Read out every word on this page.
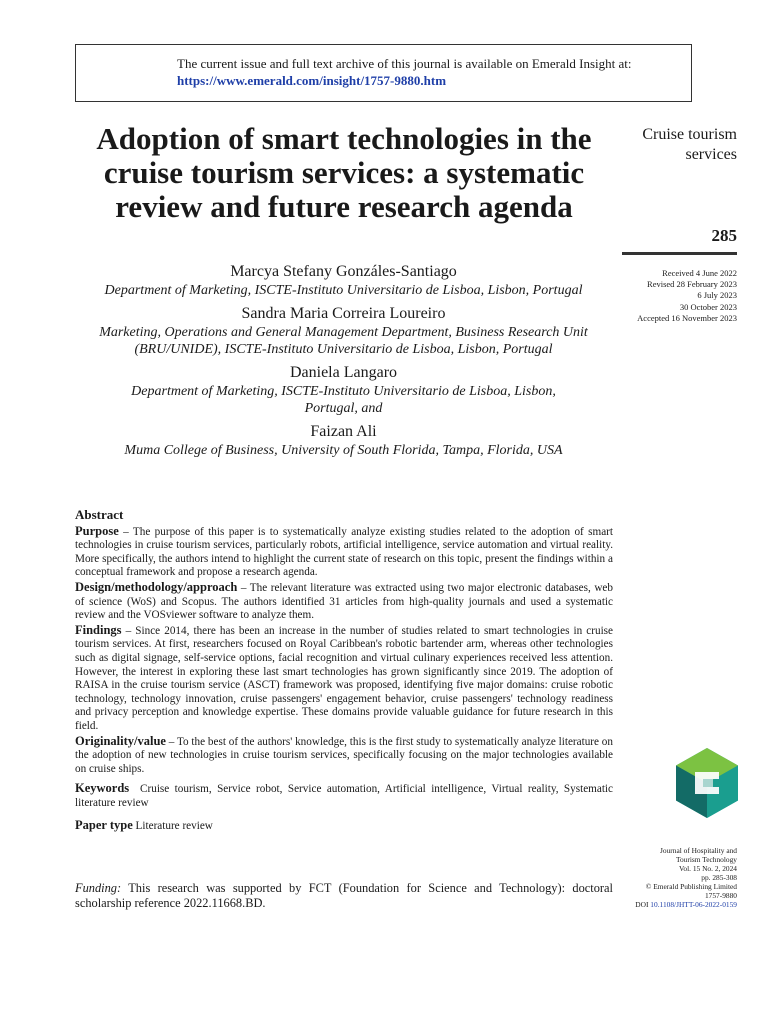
The current issue and full text archive of this journal is available on Emerald Insight at:
https://www.emerald.com/insight/1757-9880.htm
Adoption of smart technologies in the cruise tourism services: a systematic review and future research agenda
Cruise tourism services
285
Received 4 June 2022
Revised 28 February 2023
6 July 2023
30 October 2023
Accepted 16 November 2023
Marcya Stefany Gonzáles-Santiago
Department of Marketing, ISCTE-Instituto Universitario de Lisboa, Lisbon, Portugal
Sandra Maria Correira Loureiro
Marketing, Operations and General Management Department, Business Research Unit (BRU/UNIDE), ISCTE-Instituto Universitario de Lisboa, Lisbon, Portugal
Daniela Langaro
Department of Marketing, ISCTE-Instituto Universitario de Lisboa, Lisbon, Portugal, and
Faizan Ali
Muma College of Business, University of South Florida, Tampa, Florida, USA
Abstract

Purpose – The purpose of this paper is to systematically analyze existing studies related to the adoption of smart technologies in cruise tourism services, particularly robots, artificial intelligence, service automation and virtual reality. More specifically, the authors intend to highlight the current state of research on this topic, present the findings within a conceptual framework and propose a research agenda.

Design/methodology/approach – The relevant literature was extracted using two major electronic databases, web of science (WoS) and Scopus. The authors identified 31 articles from high-quality journals and used a systematic review and the VOSviewer software to analyze them.

Findings – Since 2014, there has been an increase in the number of studies related to smart technologies in cruise tourism services. At first, researchers focused on Royal Caribbean's robotic bartender arm, whereas other technologies such as digital signage, self-service options, facial recognition and virtual culinary experiences received less attention. However, the interest in exploring these last smart technologies has grown significantly since 2019. The adoption of RAISA in the cruise tourism service (ASCT) framework was proposed, identifying five major domains: cruise robotic technology, technology innovation, cruise passengers' engagement behavior, cruise passengers' technology readiness and privacy perception and knowledge expertise. These domains provide valuable guidance for future research in this field.

Originality/value – To the best of the authors' knowledge, this is the first study to systematically analyze literature on the adoption of new technologies in cruise tourism services, specifically focusing on the major technologies available on cruise ships.

Keywords Cruise tourism, Service robot, Service automation, Artificial intelligence, Virtual reality, Systematic literature review

Paper type Literature review

Journal of Hospitality and
Tourism Technology
Vol. 15 No. 2, 2024
pp. 285-308
© Emerald Publishing Limited
1757-9880
DOI 10.1108/JHTT-06-2022-0159
Funding: This research was supported by FCT (Foundation for Science and Technology): doctoral scholarship reference 2022.11668.BD.
